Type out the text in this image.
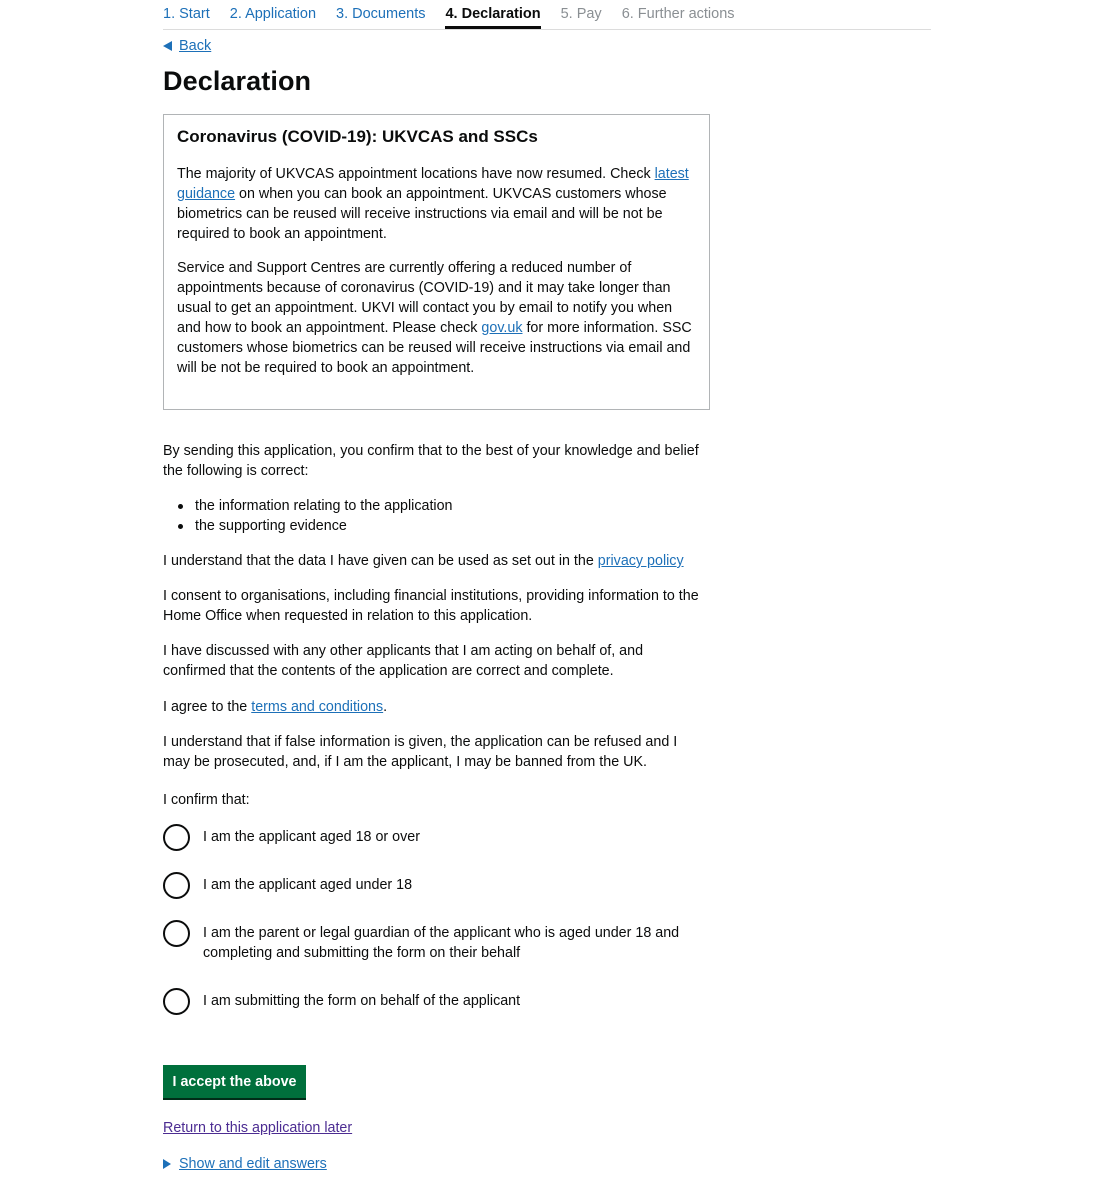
1. Start 2. Application 3. Documents 4. Declaration 5. Pay 6. Further actions
Back
Declaration
Coronavirus (COVID-19): UKVCAS and SSCs

The majority of UKVCAS appointment locations have now resumed. Check latest guidance on when you can book an appointment. UKVCAS customers whose biometrics can be reused will receive instructions via email and will be not be required to book an appointment.

Service and Support Centres are currently offering a reduced number of appointments because of coronavirus (COVID-19) and it may take longer than usual to get an appointment. UKVI will contact you by email to notify you when and how to book an appointment. Please check gov.uk for more information. SSC customers whose biometrics can be reused will receive instructions via email and will be not be required to book an appointment.

By sending this application, you confirm that to the best of your knowledge and belief the following is correct:

the information relating to the application
the supporting evidence

I understand that the data I have given can be used as set out in the privacy policy

I consent to organisations, including financial institutions, providing information to the Home Office when requested in relation to this application.

I have discussed with any other applicants that I am acting on behalf of, and confirmed that the contents of the application are correct and complete.

I agree to the terms and conditions.

I understand that if false information is given, the application can be refused and I may be prosecuted, and, if I am the applicant, I may be banned from the UK.

I confirm that:

I am the applicant aged 18 or over
I am the applicant aged under 18
I am the parent or legal guardian of the applicant who is aged under 18 and completing and submitting the form on their behalf
I am submitting the form on behalf of the applicant
I accept the above
Return to this application later
Show and edit answers
